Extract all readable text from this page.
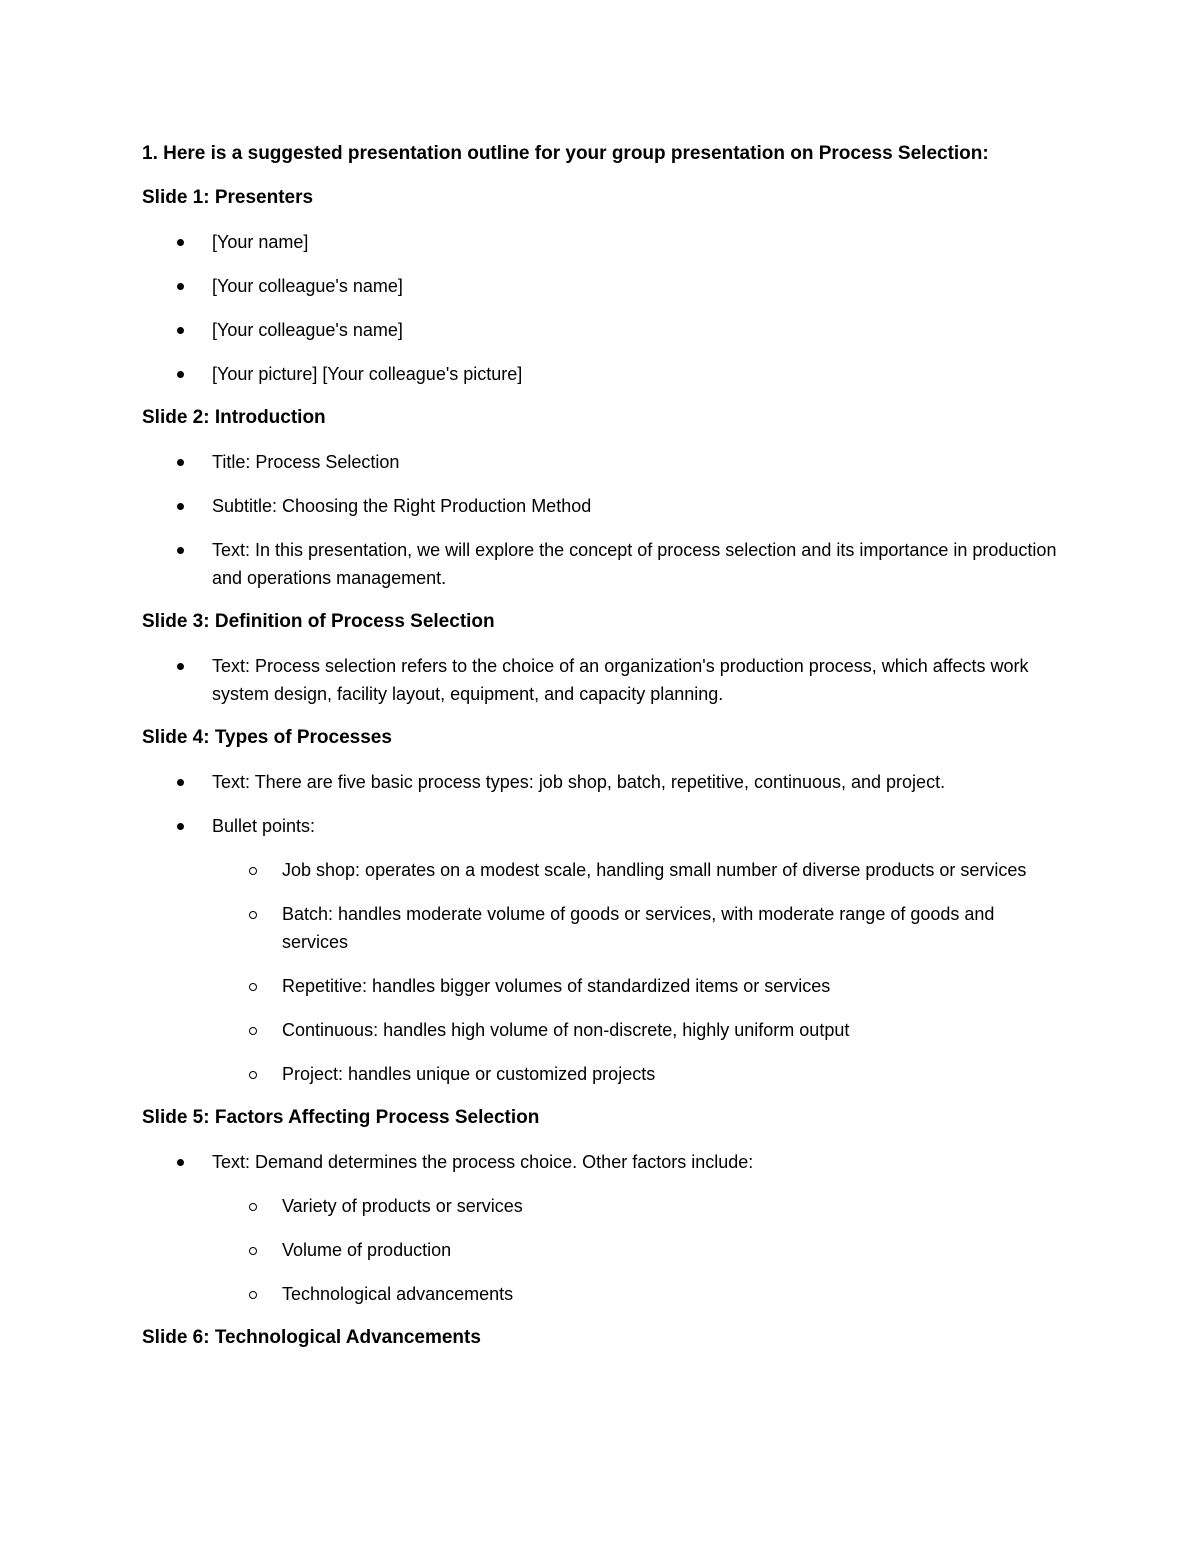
1. Here is a suggested presentation outline for your group presentation on Process Selection:

Slide 1: Presenters

[Your name]
[Your colleague's name]
[Your colleague's name]
[Your picture] [Your colleague's picture]

Slide 2: Introduction

Title: Process Selection
Subtitle: Choosing the Right Production Method
Text: In this presentation, we will explore the concept of process selection and its importance in production and operations management.

Slide 3: Definition of Process Selection

Text: Process selection refers to the choice of an organization's production process, which affects work system design, facility layout, equipment, and capacity planning.

Slide 4: Types of Processes

Text: There are five basic process types: job shop, batch, repetitive, continuous, and project.
Bullet points:
Job shop: operates on a modest scale, handling small number of diverse products or services
Batch: handles moderate volume of goods or services, with moderate range of goods and services
Repetitive: handles bigger volumes of standardized items or services
Continuous: handles high volume of non-discrete, highly uniform output
Project: handles unique or customized projects

Slide 5: Factors Affecting Process Selection

Text: Demand determines the process choice. Other factors include:
Variety of products or services
Volume of production
Technological advancements

Slide 6: Technological Advancements
